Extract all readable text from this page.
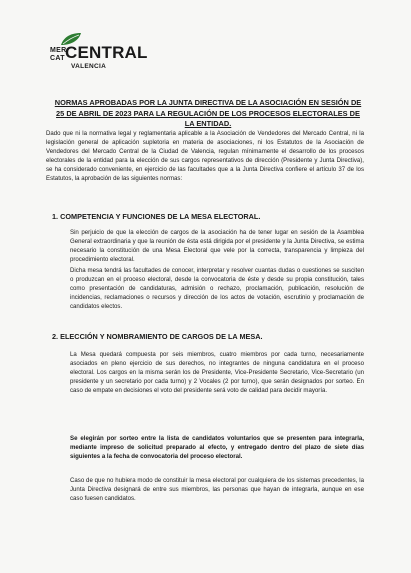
MER
CAT CENTRAL
VALENCIA
NORMAS APROBADAS POR LA JUNTA DIRECTIVA DE LA ASOCIACIÓN EN SESIÓN DE 25 DE ABRIL DE 2023 PARA LA REGULACIÓN DE LOS PROCESOS ELECTORALES DE LA ENTIDAD.
Dado que ni la normativa legal y reglamentaria aplicable a la Asociación de Vendedores del Mercado Central, ni la legislación general de aplicación supletoria en materia de asociaciones, ni los Estatutos de la Asociación de Vendedores del Mercado Central de la Ciudad de Valencia, regulan mínimamente el desarrollo de los procesos electorales de la entidad para la elección de sus cargos representativos de dirección (Presidente y Junta Directiva), se ha considerado conveniente, en ejercicio de las facultades que a la Junta Directiva confiere el artículo 37 de los Estatutos, la aprobación de las siguientes normas:
1. COMPETENCIA Y FUNCIONES DE LA MESA ELECTORAL.
Sin perjuicio de que la elección de cargos de la asociación ha de tener lugar en sesión de la Asamblea General extraordinaria y que la reunión de ésta está dirigida por el presidente y la Junta Directiva, se estima necesario la constitución de una Mesa Electoral que vele por la correcta, transparencia y limpieza del procedimiento electoral.
Dicha mesa tendrá las facultades de conocer, interpretar y resolver cuantas dudas o cuestiones se susciten o produzcan en el proceso electoral, desde la convocatoria de éste y desde su propia constitución, tales como presentación de candidaturas, admisión o rechazo, proclamación, publicación, resolución de incidencias, reclamaciones o recursos y dirección de los actos de votación, escrutinio y proclamación de candidatos electos.
2. ELECCIÓN Y NOMBRAMIENTO DE CARGOS DE LA MESA.
La Mesa quedará compuesta por seis miembros, cuatro miembros por cada turno, necesariamente asociados en pleno ejercicio de sus derechos, no integrantes de ninguna candidatura en el proceso electoral. Los cargos en la misma serán los de Presidente, Vice-Presidente Secretario, Vice-Secretario (un presidente y un secretario por cada turno) y 2 Vocales (2 por turno), que serán designados por sorteo. En caso de empate en decisiones el voto del presidente será voto de calidad para decidir mayoría.
Se elegirán por sorteo entre la lista de candidatos voluntarios que se presenten para integrarla, mediante impreso de solicitud preparado al efecto, y entregado dentro del plazo de siete días siguientes a la fecha de convocatoria del proceso electoral.
Caso de que no hubiera modo de constituir la mesa electoral por cualquiera de los sistemas precedentes, la Junta Directiva designará de entre sus miembros, las personas que hayan de integrarla, aunque en ese caso fuesen candidatos.
